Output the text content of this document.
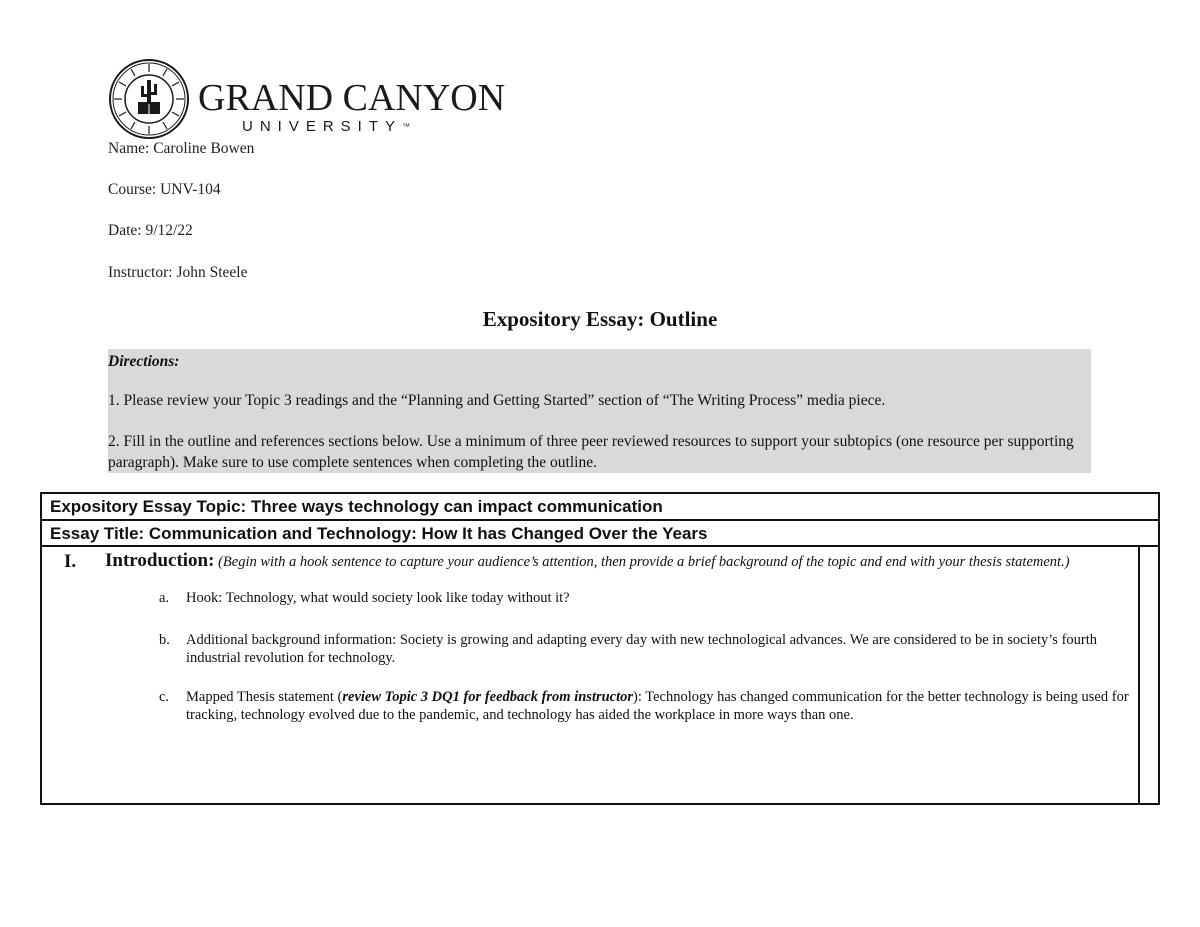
GRAND CANYON
UNIVERSITY™
Name: Caroline Bowen
Course: UNV-104
Date: 9/12/22
Instructor: John Steele
Expository Essay: Outline
Directions:
1. Please review your Topic 3 readings and the “Planning and Getting Started” section of “The Writing Process” media piece.
2. Fill in the outline and references sections below. Use a minimum of three peer reviewed resources to support your subtopics (one resource per supporting paragraph). Make sure to use complete sentences when completing the outline.
Expository Essay Topic: Three ways technology can impact communication
Essay Title: Communication and Technology: How It has Changed Over the Years
I. Introduction: (Begin with a hook sentence to capture your audience’s attention, then provide a brief background of the topic and end with your thesis statement.)
a. Hook: Technology, what would society look like today without it?
b. Additional background information: Society is growing and adapting every day with new technological advances. We are considered to be in society’s fourth industrial revolution for technology.
c. Mapped Thesis statement (review Topic 3 DQ1 for feedback from instructor): Technology has changed communication for the better technology is being used for tracking, technology evolved due to the pandemic, and technology has aided the workplace in more ways than one.
